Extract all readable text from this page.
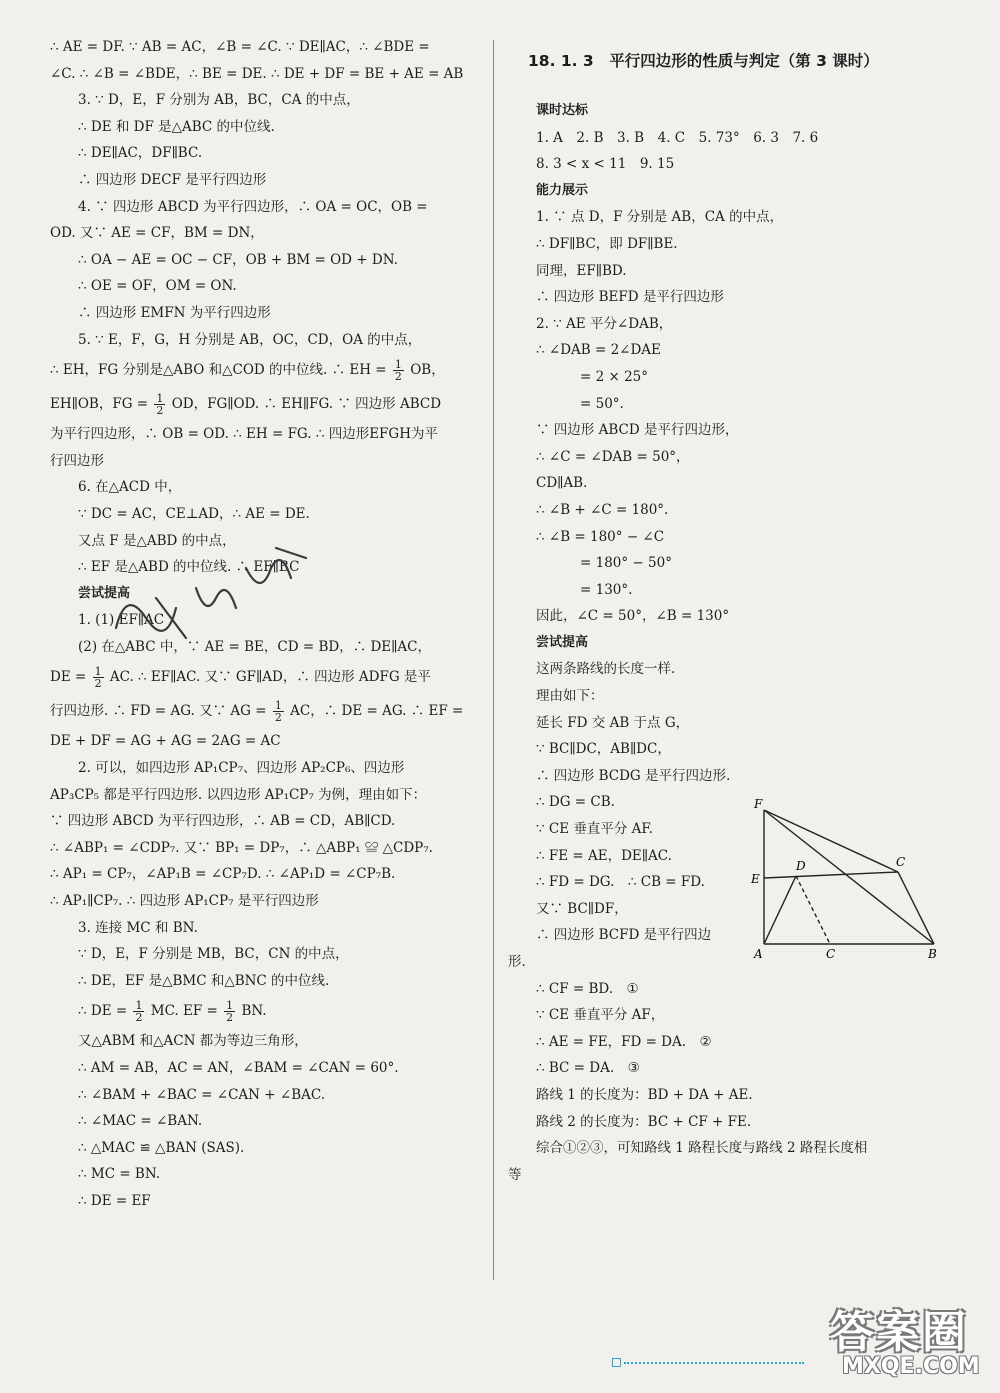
∴ AE = DF. ∵ AB = AC，∠B = ∠C. ∵ DE∥AC，∴ ∠BDE =
∠C. ∴ ∠B = ∠BDE，∴ BE = DE. ∴ DE + DF = BE + AE = AB
3. ∵ D，E，F 分别为 AB，BC，CA 的中点，
∴ DE 和 DF 是△ABC 的中位线.
∴ DE∥AC，DF∥BC.
∴ 四边形 DECF 是平行四边形
4. ∵ 四边形 ABCD 为平行四边形，∴ OA = OC，OB =
OD. 又∵ AE = CF，BM = DN，
∴ OA − AE = OC − CF，OB + BM = OD + DN.
∴ OE = OF，OM = ON.
∴ 四边形 EMFN 为平行四边形
5. ∵ E，F，G，H 分别是 AB，OC，CD，OA 的中点，
∴ EH，FG 分别是△ABO 和△COD 的中位线. ∴ EH = $\frac{1}{2}$ OB，
EH∥OB，FG = $\frac{1}{2}$ OD，FG∥OD. ∴ EH∥FG. ∵ 四边形 ABCD
为平行四边形，∴ OB = OD. ∴ EH = FG. ∴ 四边形EFGH为平
行四边形
6. 在△ACD 中，
∵ DC = AC，CE⊥AD，∴ AE = DE.
又点 F 是△ABD 的中点，
∴ EF 是△ABD 的中位线. ∴ EF∥BC
尝试提高
1. (1) EF∥AC
(2) 在△ABC 中，∵ AE = BE，CD = BD，∴ DE∥AC，
DE = $\frac{1}{2}$ AC. ∴ EF∥AC. 又∵ GF∥AD，∴ 四边形 ADFG 是平
行四边形. ∴ FD = AG. 又∵ AG = $\frac{1}{2}$ AC，∴ DE = AG. ∴ EF =
DE + DF = AG + AG = 2AG = AC
2. 可以，如四边形 AP₁CP₇、四边形 AP₂CP₆、四边形
AP₃CP₅ 都是平行四边形. 以四边形 AP₁CP₇ 为例，理由如下：
∵ 四边形 ABCD 为平行四边形，∴ AB = CD，AB∥CD.
∴ ∠ABP₁ = ∠CDP₇. 又∵ BP₁ = DP₇，∴ △ABP₁ ≌ △CDP₇.
∴ AP₁ = CP₇，∠AP₁B = ∠CP₇D. ∴ ∠AP₁D = ∠CP₇B.
∴ AP₁∥CP₇. ∴ 四边形 AP₁CP₇ 是平行四边形
3. 连接 MC 和 BN.
∵ D，E，F 分别是 MB，BC，CN 的中点，
∴ DE，EF 是△BMC 和△BNC 的中位线.
∴ DE = $\frac{1}{2}$ MC. EF = $\frac{1}{2}$ BN.
又△ABM 和△ACN 都为等边三角形，
∴ AM = AB，AC = AN，∠BAM = ∠CAN = 60°.
∴ ∠BAM + ∠BAC = ∠CAN + ∠BAC.
∴ ∠MAC = ∠BAN.
∴ △MAC ≌ △BAN (SAS).
∴ MC = BN.
∴ DE = EF
18. 1. 3　平行四边形的性质与判定（第 3 课时）
课时达标
1. A　2. B　3. B　4. C　5. 73°　6. 3　7. 6
8. 3 < x < 11　9. 15
能力展示
1. ∵ 点 D，F 分别是 AB，CA 的中点，
∴ DF∥BC，即 DF∥BE.
同理，EF∥BD.
∴ 四边形 BEFD 是平行四边形
2. ∵ AE 平分∠DAB，
∴ ∠DAB = 2∠DAE
= 2 × 25°
= 50°.
∵ 四边形 ABCD 是平行四边形，
∴ ∠C = ∠DAB = 50°，
CD∥AB.
∴ ∠B + ∠C = 180°.
∴ ∠B = 180° − ∠C
= 180° − 50°
= 130°.
因此，∠C = 50°，∠B = 130°
尝试提高
这两条路线的长度一样.
理由如下：
延长 FD 交 AB 于点 G，
∵ BC∥DC，AB∥DC，
∴ 四边形 BCDG 是平行四边形.
∴ DG = CB.
∵ CE 垂直平分 AF.
∴ FE = AE，DE∥AC.
∴ FD = DG.　∴ CB = FD.
又∵ BC∥DF，
∴ 四边形 BCFD 是平行四边
形.
∴ CF = BD.　①
∵ CE 垂直平分 AF，
∴ AE = FE，FD = DA.　②
∴ BC = DA.　③
路线 1 的长度为：BD + DA + AE.
路线 2 的长度为：BC + CF + FE.
综合①②③，可知路线 1 路程长度与路线 2 路程长度相
等
F
E
D	C
A	C	B
答案圈
MXQE.COM
